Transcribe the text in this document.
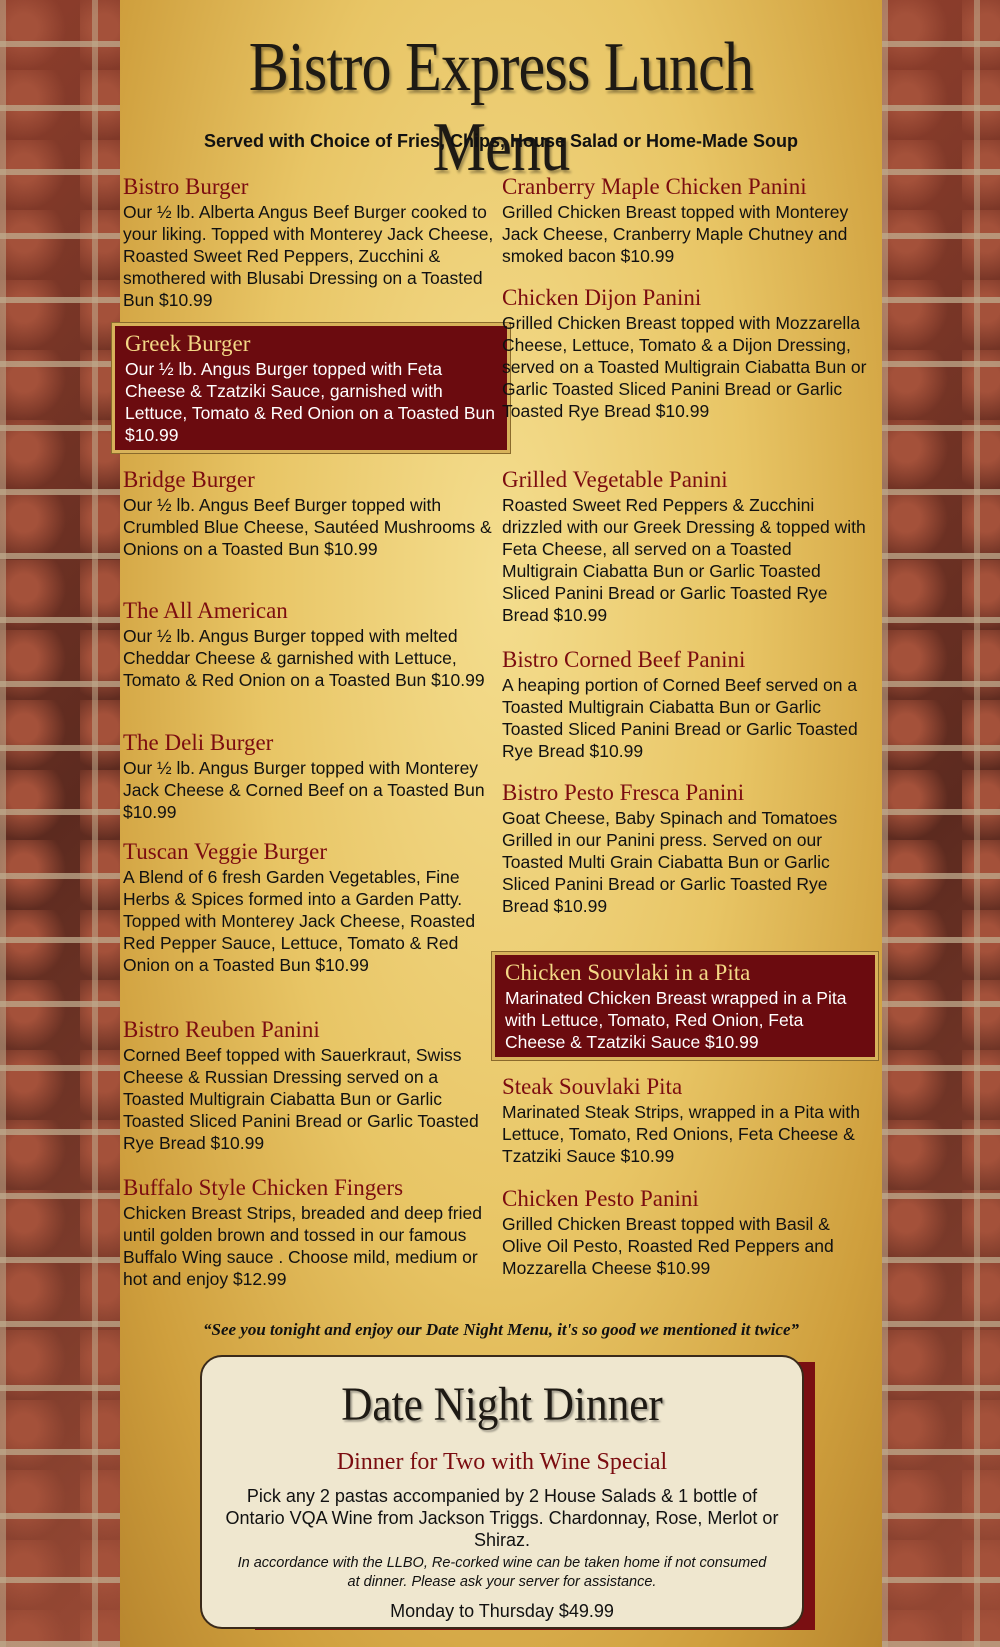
Bistro Express Lunch Menu
Served with Choice of Fries, Chips, House Salad or Home-Made Soup
Bistro Burger

Our ½ lb. Alberta Angus Beef Burger cooked to your liking. Topped with Monterey Jack Cheese, Roasted Sweet Red Peppers, Zucchini & smothered with Blusabi Dressing on a Toasted Bun $10.99

Greek Burger

Our ½ lb. Angus Burger topped with Feta Cheese & Tzatziki Sauce, garnished with Lettuce, Tomato & Red Onion on a Toasted Bun $10.99

Bridge Burger

Our ½ lb. Angus Beef Burger topped with Crumbled Blue Cheese, Sautéed Mushrooms & Onions on a Toasted Bun $10.99

The All American

Our ½ lb. Angus Burger topped with melted Cheddar Cheese & garnished with Lettuce, Tomato & Red Onion on a Toasted Bun $10.99

The Deli Burger

Our ½ lb. Angus Burger topped with Monterey Jack Cheese & Corned Beef on a Toasted Bun $10.99

Tuscan Veggie Burger

A Blend of 6 fresh Garden Vegetables, Fine Herbs & Spices formed into a Garden Patty. Topped with Monterey Jack Cheese, Roasted Red Pepper Sauce, Lettuce, Tomato & Red Onion on a Toasted Bun $10.99

Bistro Reuben Panini

Corned Beef topped with Sauerkraut, Swiss Cheese & Russian Dressing served on a Toasted Multigrain Ciabatta Bun or Garlic Toasted Sliced Panini Bread or Garlic Toasted Rye Bread $10.99

Buffalo Style Chicken Fingers

Chicken Breast Strips, breaded and deep fried until golden brown and tossed in our famous Buffalo Wing sauce . Choose mild, medium or hot and enjoy $12.99

Cranberry Maple Chicken Panini

Grilled Chicken Breast topped with Monterey Jack Cheese, Cranberry Maple Chutney and smoked bacon $10.99

Chicken Dijon Panini

Grilled Chicken Breast topped with Mozzarella Cheese, Lettuce, Tomato & a Dijon Dressing, served on a Toasted Multigrain Ciabatta Bun or Garlic Toasted Sliced Panini Bread or Garlic Toasted Rye Bread $10.99

Grilled Vegetable Panini

Roasted Sweet Red Peppers & Zucchini drizzled with our Greek Dressing & topped with Feta Cheese, all served on a Toasted Multigrain Ciabatta Bun or Garlic Toasted Sliced Panini Bread or Garlic Toasted Rye Bread $10.99

Bistro Corned Beef Panini

A heaping portion of Corned Beef served on a Toasted Multigrain Ciabatta Bun or Garlic Toasted Sliced Panini Bread or Garlic Toasted Rye Bread $10.99

Bistro Pesto Fresca Panini

Goat Cheese, Baby Spinach and Tomatoes Grilled in our Panini press. Served on our Toasted Multi Grain Ciabatta Bun or Garlic Sliced Panini Bread or Garlic Toasted Rye Bread $10.99

Chicken Souvlaki in a Pita

Marinated Chicken Breast wrapped in a Pita with Lettuce, Tomato, Red Onion, Feta Cheese & Tzatziki Sauce $10.99

Steak Souvlaki Pita

Marinated Steak Strips, wrapped in a Pita with Lettuce, Tomato, Red Onions, Feta Cheese & Tzatziki Sauce $10.99

Chicken Pesto Panini

Grilled Chicken Breast topped with Basil & Olive Oil Pesto, Roasted Red Peppers and Mozzarella Cheese $10.99

“See you tonight and enjoy our Date Night Menu, it's so good we mentioned it twice”
Date Night Dinner
Dinner for Two with Wine Special
Pick any 2 pastas accompanied by 2 House Salads & 1 bottle of Ontario VQA Wine from Jackson Triggs. Chardonnay, Rose, Merlot or Shiraz.
In accordance with the LLBO, Re-corked wine can be taken home if not consumed at dinner. Please ask your server for assistance.
Monday to Thursday $49.99
